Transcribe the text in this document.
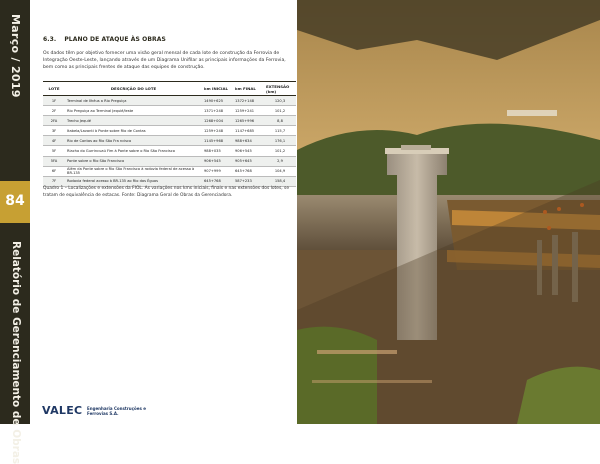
Março / 2019
84
Relatório de Gerenciamento de Obras
6.3. PLANO DE ATAQUE ÀS OBRAS
Os dados têm por objetivo fornecer uma visão geral mensal de cada lote de construção da Ferrovia de Integração Oeste-Leste, lançando através de um Diagrama Unifilar as principais informações da Ferrovia, bem como as principais frentes de ataque das equipes de construção.
LOTE	DESCRIÇÃO DO LOTE	km INICIAL	km FINAL	EXTENSÃO (km)
1F	Terminal de Ilhéus a Rio Preguiça	1490+625	1372+148	120,3
2F	Rio Preguiça ao Terminal Jequié/leste	1371+248	1259+241	101,2
2FA	Trecho Jequié	1268+004	1265+996	8,8
3F	Itabela/Lavanti à Ponte sobre Rio de Contas	1259+248	1147+685	115,7
4F	Rio de Contas ao Rio São Fra ncisco	1145+968	988+634	176,1
5F	Riacho do Gurrincuaú Fim à Ponte sobre o Rio São Francisco	988+035	906+545	101,2
5FA	Ponte sobre o Rio São Francisco	906+545	905+645	2,9
6F	Além da Ponte sobre o Rio São Francisco à rodovia federal de acesso à BR-135	907+999	645+768	104,9
7F	Rodovia federal acesso à BR-135 ao Rio das Éguas	645+768	587+233	158,4
Quadro 1 – Localizações e extensões da FIOL. As variações nos kms iniciais, finais e nas extensões dos lotes, se tratam de equivalência de estacas. Fonte: Diagrama Geral de Obras da Gerenciadora.
VALEC Engenharia Construções e Ferrovias S.A.
